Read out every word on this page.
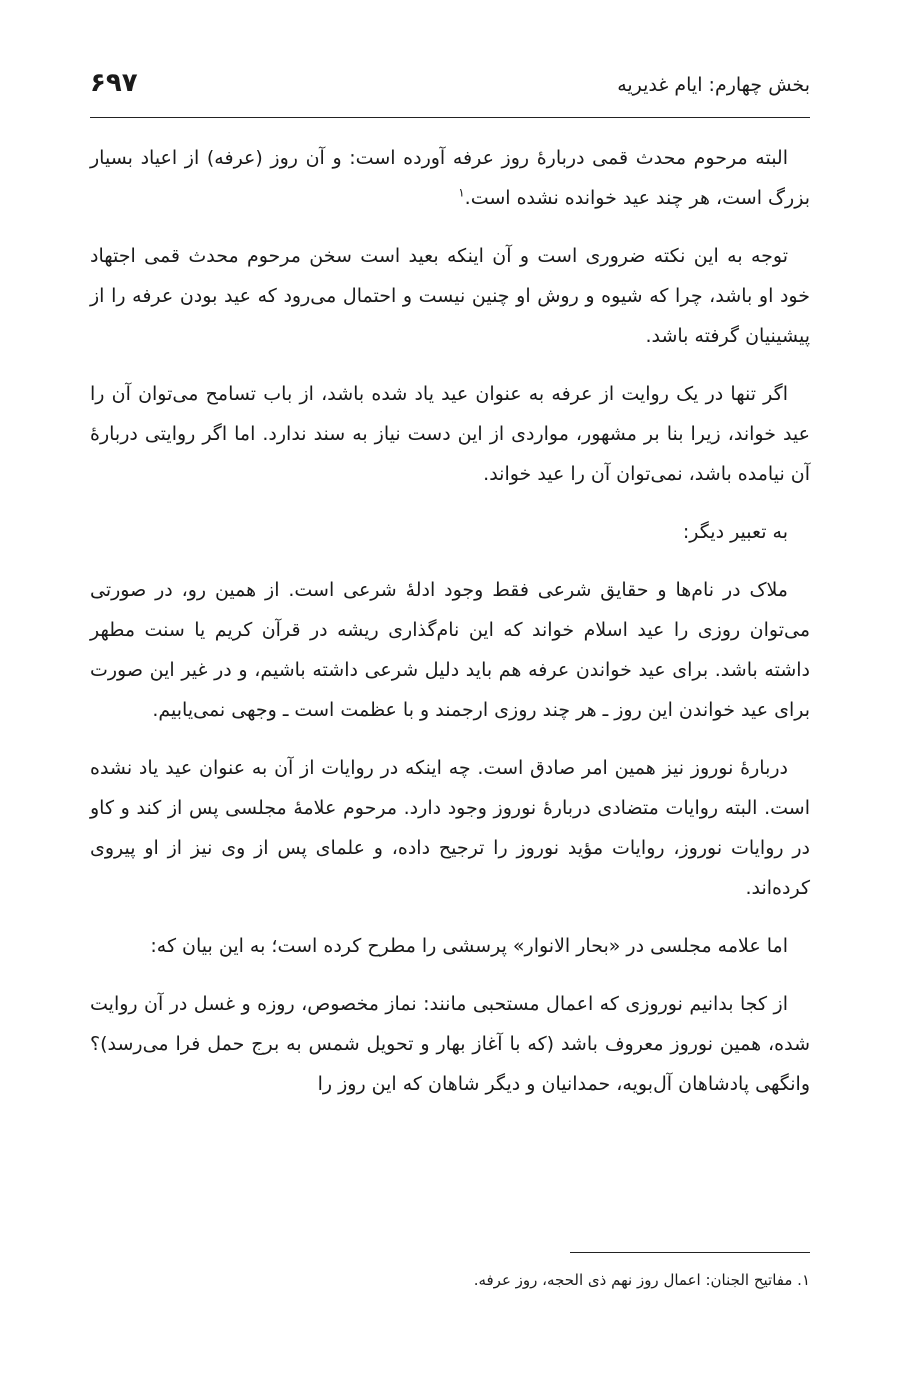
بخش چهارم: ایام غدیریه
۶۹۷

البته مرحوم محدث قمی دربارهٔ روز عرفه آورده است: و آن روز (عرفه) از اعیاد بسیار بزرگ است، هر چند عید خوانده نشده است.$^۱$

توجه به این نکته ضروری است و آن اینکه بعید است سخن مرحوم محدث قمی اجتهاد خود او باشد، چرا که شیوه و روش او چنین نیست و احتمال می‌رود که عید بودن عرفه را از پیشینیان گرفته باشد.

اگر تنها در یک روایت از عرفه به عنوان عید یاد شده باشد، از باب تسامح می‌توان آن را عید خواند، زیرا بنا بر مشهور، مواردی از این دست نیاز به سند ندارد. اما اگر روایتی دربارهٔ آن نیامده باشد، نمی‌توان آن را عید خواند.

به تعبیر دیگر:

ملاک در نام‌ها و حقایق شرعی فقط وجود ادلهٔ شرعی است. از همین رو، در صورتی می‌توان روزی را عید اسلام خواند که این نام‌گذاری ریشه در قرآن کریم یا سنت مطهر داشته باشد. برای عید خواندن عرفه هم باید دلیل شرعی داشته باشیم، و در غیر این صورت برای عید خواندن این روز ـ هر چند روزی ارجمند و با عظمت است ـ وجهی نمی‌یابیم.

دربارهٔ نوروز نیز همین امر صادق است. چه اینکه در روایات از آن به عنوان عید یاد نشده است. البته روایات متضادی دربارهٔ نوروز وجود دارد. مرحوم علامهٔ مجلسی پس از کند و کاو در روایات نوروز، روایات مؤید نوروز را ترجیح داده، و علمای پس از وی نیز از او پیروی کرده‌اند.

اما علامه مجلسی در «بحار الانوار» پرسشی را مطرح کرده است؛ به این بیان که:

از کجا بدانیم نوروزی که اعمال مستحبی مانند: نماز مخصوص، روزه و غسل در آن روایت شده، همین نوروز معروف باشد (که با آغاز بهار و تحویل شمس به برج حمل فرا می‌رسد)؟ وانگهی پادشاهان آل‌بویه، حمدانیان و دیگر شاهان که این روز را

۱. مفاتیح الجنان: اعمال روز نهم ذی الحجه، روز عرفه.
